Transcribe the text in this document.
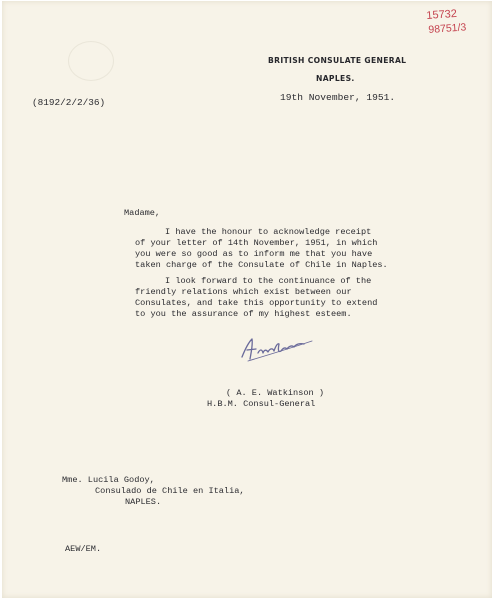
15732
98751/3
BRITISH CONSULATE GENERAL
NAPLES.
19th November, 1951.
(8192/2/2/36)
Madame,
I have the honour to acknowledge receipt
of your letter of 14th November, 1951, in which
you were so good as to inform me that you have
taken charge of the Consulate of Chile in Naples.
I look forward to the continuance of the
friendly relations which exist between our
Consulates, and take this opportunity to extend
to you the assurance of my highest esteem.
( A. E. Watkinson )
H.B.M. Consul-General
Mme. Lucila Godoy,
Consulado de Chile en Italia,
NAPLES.
AEW/EM.
